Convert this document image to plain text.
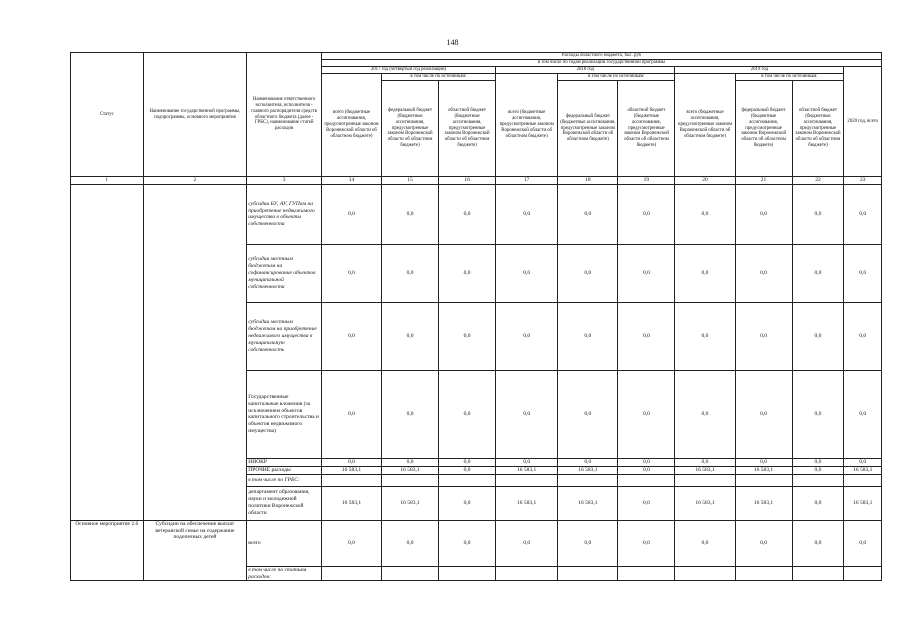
148
Статус	Наименование государственной программы, подпрограммы, основного мероприятия	Наименование ответственного исполнителя, исполнителя - главного распорядителя средств областного бюджета (далее - ГРБС), наименование статей расходов	Расходы областного бюджета, тыс. руб									
			в том числе по годам реализации государственной программы									
			2017 год (четвертый год реализации)			2018 год			2019 год			2020 год, всего
			всего (бюджетные ассигнования, предусмотренные законом Воронежской области об областном бюджете)	в том числе по источникам:		всего (бюджетные ассигнования, предусмотренные законом Воронежской области об областном бюджете)	в том числе по источникам:		всего (бюджетные ассигнования, предусмотренные законом Воронежской области об областном бюджете)	в том числе по источникам:		
				федеральный бюджет (бюджетные ассигнования, предусмотренные законом Воронежской области об областном бюджете)	областной бюджет (бюджетные ассигнования, предусмотренные законом Воронежской области об областном бюджете)		федеральный бюджет (бюджетные ассигнования, предусмотренные законом Воронежской области об областном бюджете)	областной бюджет (бюджетные ассигнования, предусмотренные законом Воронежской области об областном бюджете)		федеральный бюджет (бюджетные ассигнования, предусмотренные законом Воронежской области об областном бюджете)	областной бюджет (бюджетные ассигнования, предусмотренные законом Воронежской области об областном бюджете)	
1	2	3	14	15	16	17	18	19	20	21	22	23
		субсидии БУ, АУ, ГУПам на приобретение недвижимого имущества в объекты собственности	0,0	0,0	0,0	0,0	0,0	0,0	0,0	0,0	0,0	0,0
		субсидии местным бюджетам на софинансирование объектов муниципальной собственности	0,0	0,0	0,0	0,0	0,0	0,0	0,0	0,0	0,0	0,0
		субсидии местным бюджетам на приобретение недвижимого имущества в муниципальную собственность	0,0	0,0	0,0	0,0	0,0	0,0	0,0	0,0	0,0	0,0
		Государственные капитальные вложения (за исключением объектов капитального строительства и объектов недвижимого имущества)	0,0	0,0	0,0	0,0	0,0	0,0	0,0	0,0	0,0	0,0
		НИОКР	0,0	0,0	0,0	0,0	0,0	0,0	0,0	0,0	0,0	0,0
		ПРОЧИЕ расходы	16 583,1	16 583,1	0,0	16 583,1	16 583,1	0,0	16 583,1	16 583,1	0,0	16 583,1
		в том числе по ГРБС:										
		департамент образования, науки и молодежной политики Воронежской области	16 583,1	16 583,1	0,0	16 583,1	16 583,1	0,0	16 583,1	16 583,1	0,0	16 583,1
Основное мероприятие 2.6	Субсидии на обеспечение выплат ветеранской семье на содержание подопечных детей	всего	0,0	0,0	0,0	0,0	0,0	0,0	0,0	0,0	0,0	0,0
		в том числе по статьям расходов:										
